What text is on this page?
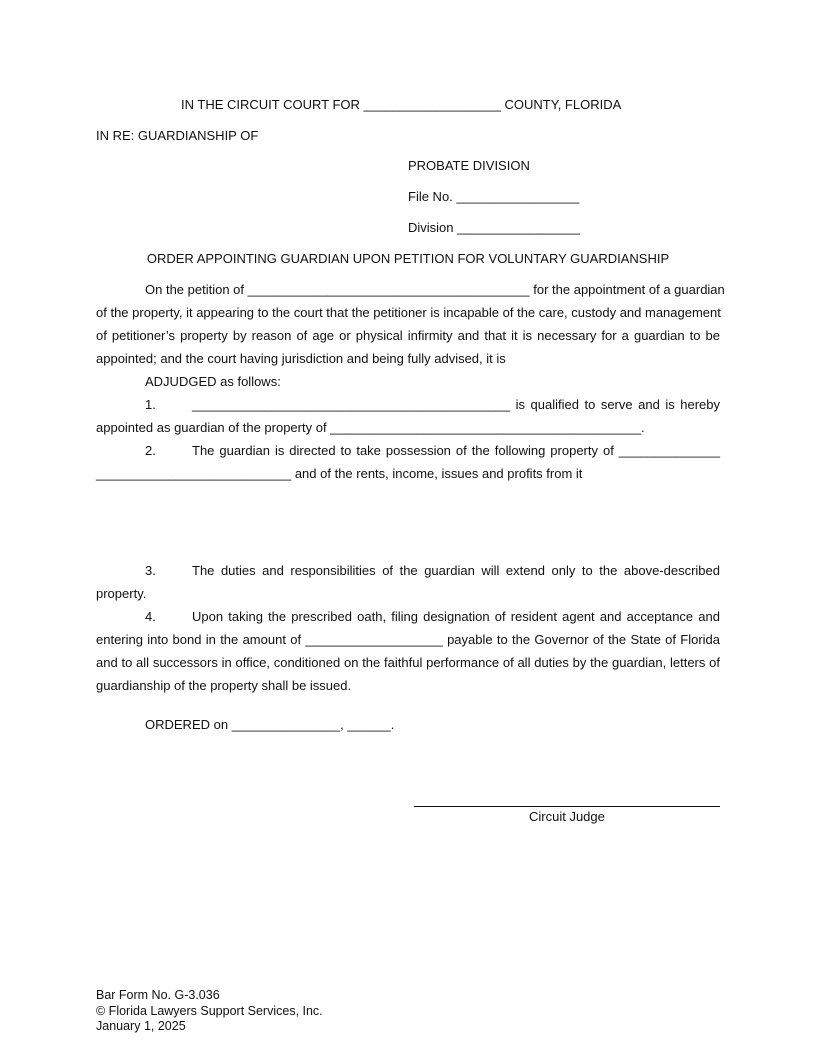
IN THE CIRCUIT COURT FOR ___________________ COUNTY, FLORIDA
IN RE: GUARDIANSHIP OF
PROBATE DIVISION
File No. _________________
Division _________________
ORDER APPOINTING GUARDIAN UPON PETITION FOR VOLUNTARY GUARDIANSHIP
On the petition of _______________________________________ for the appointment of a guardian
of the property, it appearing to the court that the petitioner is incapable of the care, custody and management
of petitioner’s property by reason of age or physical infirmity and that it is necessary for a guardian to be
appointed; and the court having jurisdiction and being fully advised, it is
ADJUDGED as follows:
1.	____________________________________________ is qualified to serve and is hereby
appointed as guardian of the property of ___________________________________________.
2.	The guardian is directed to take possession of the following property of ______________
___________________________ and of the rents, income, issues and profits from it
3.	The duties and responsibilities of the guardian will extend only to the above-described
property.
4.	Upon taking the prescribed oath, filing designation of resident agent and acceptance and
entering into bond in the amount of ___________________ payable to the Governor of the State of Florida
and to all successors in office, conditioned on the faithful performance of all duties by the guardian, letters of
guardianship of the property shall be issued.
ORDERED on _______________, ______.
Circuit Judge
Bar Form No. G-3.036
© Florida Lawyers Support Services, Inc.
January 1, 2025
